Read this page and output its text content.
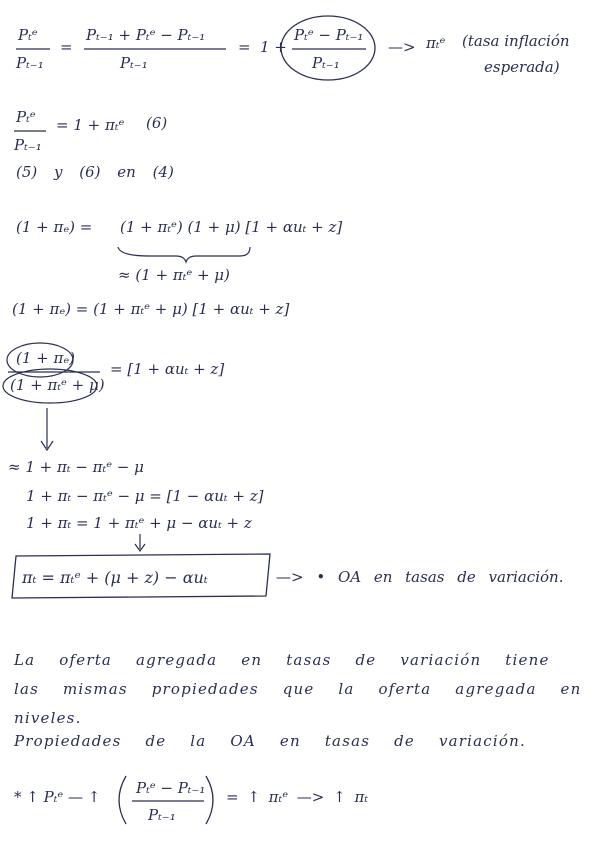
Pₜᵉ
Pₜ₋₁
=
Pₜ₋₁ + Pₜᵉ − Pₜ₋₁
Pₜ₋₁
= 1 +
Pₜᵉ − Pₜ₋₁
Pₜ₋₁
—> πₜᵉ (tasa inflación
esperada)
Pₜᵉ
Pₜ₋₁
= 1 + πₜᵉ (6)
(5) y (6) en (4)
(1 + πₑ) = (1 + πₜᵉ) (1 + μ) [1 + αuₜ + z]
≈ (1 + πₜᵉ + μ)
(1 + πₑ) = (1 + πₜᵉ + μ) [1 + αuₜ + z]
(1 + πₑ)
(1 + πₜᵉ + μ)
= [1 + αuₜ + z]
≈ 1 + πₜ − πₜᵉ − μ
1 + πₜ − πₜᵉ − μ = [1 − αuₜ + z]
1 + πₜ = 1 + πₜᵉ + μ − αuₜ + z
πₜ = πₜᵉ + (μ + z) − αuₜ	—> • OA en tasas de variación.
La oferta agregada en tasas de variación tiene las mismas propiedades que la oferta agregada en niveles.
Propiedades de la OA en tasas de variación.
* ↑ Pₜᵉ — ↑ Pₜᵉ − Pₜ₋₁
Pₜ₋₁
= ↑ πₜᵉ —> ↑ πₜ
